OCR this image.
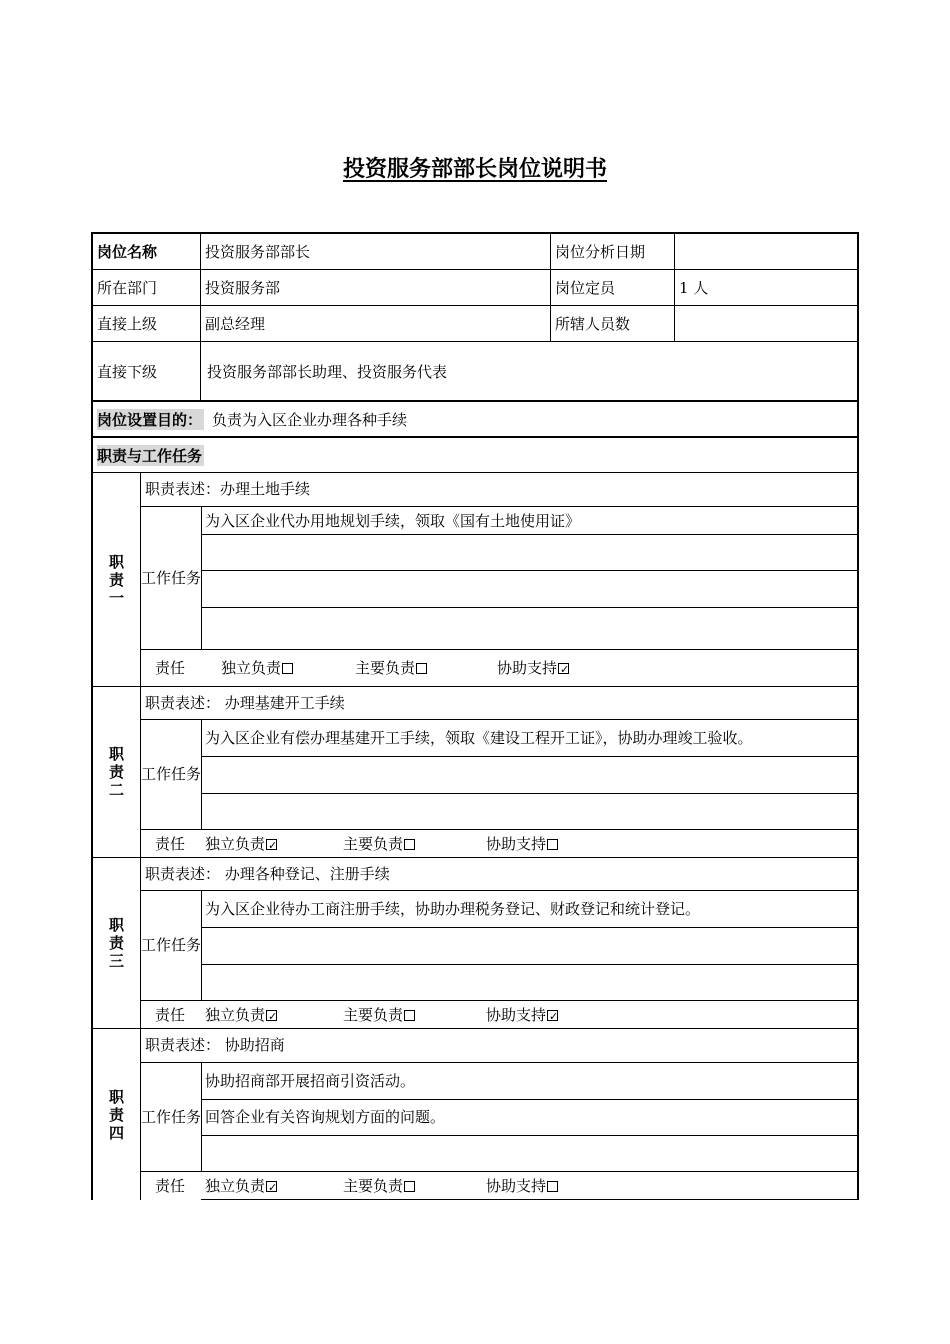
投资服务部部长岗位说明书
岗位名称	投资服务部部长	岗位分析日期
所在部门	投资服务部	岗位定员	1 人
直接上级	副总经理	所辖人员数
直接下级	投资服务部部长助理、投资服务代表
岗位设置目的： 负责为入区企业办理各种手续
职责与工作任务
职责一
职责表述：办理土地手续
工作任务
为入区企业代办用地规划手续，领取《国有土地使用证》
责任 独立负责	主要负责	协助支持✓
职责二
职责表述： 办理基建开工手续
工作任务
为入区企业有偿办理基建开工手续，领取《建设工程开工证》，协助办理竣工验收。
责任 独立负责 ✓	主要负责	协助支持
职责三
职责表述： 办理各种登记、注册手续
工作任务
为入区企业待办工商注册手续，协助办理税务登记、财政登记和统计登记。
责任 独立负责 ✓	主要负责	协助支持✓
职责四
职责表述： 协助招商
工作任务
协助招商部开展招商引资活动。
回答企业有关咨询规划方面的问题。
责任 独立负责 ✓	主要负责	协助支持
